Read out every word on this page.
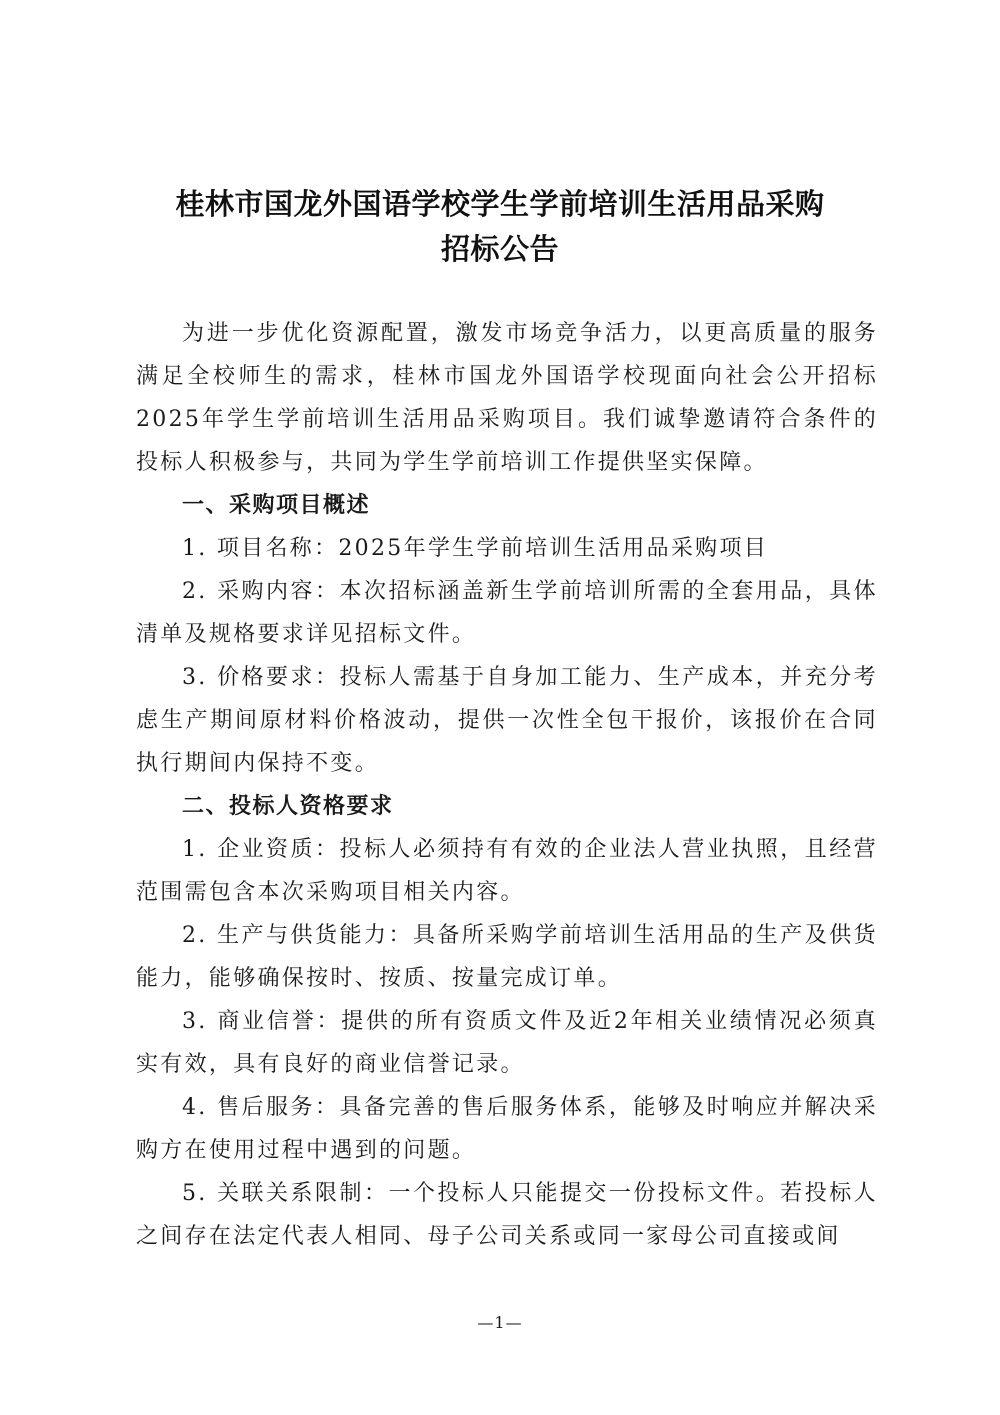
桂林市国龙外国语学校学生学前培训生活用品采购
招标公告

为进一步优化资源配置，激发市场竞争活力，以更高质量的服务满足全校师生的需求，桂林市国龙外国语学校现面向社会公开招标2025年学生学前培训生活用品采购项目。我们诚挚邀请符合条件的投标人积极参与，共同为学生学前培训工作提供坚实保障。

一、采购项目概述

1. 项目名称：2025年学生学前培训生活用品采购项目

2. 采购内容：本次招标涵盖新生学前培训所需的全套用品，具体清单及规格要求详见招标文件。

3. 价格要求：投标人需基于自身加工能力、生产成本，并充分考虑生产期间原材料价格波动，提供一次性全包干报价，该报价在合同执行期间内保持不变。

二、投标人资格要求

1. 企业资质：投标人必须持有有效的企业法人营业执照，且经营范围需包含本次采购项目相关内容。

2. 生产与供货能力：具备所采购学前培训生活用品的生产及供货能力，能够确保按时、按质、按量完成订单。

3. 商业信誉：提供的所有资质文件及近2年相关业绩情况必须真实有效，具有良好的商业信誉记录。

4. 售后服务：具备完善的售后服务体系，能够及时响应并解决采购方在使用过程中遇到的问题。

5. 关联关系限制：一个投标人只能提交一份投标文件。若投标人之间存在法定代表人相同、母子公司关系或同一家母公司直接或间

—1—
